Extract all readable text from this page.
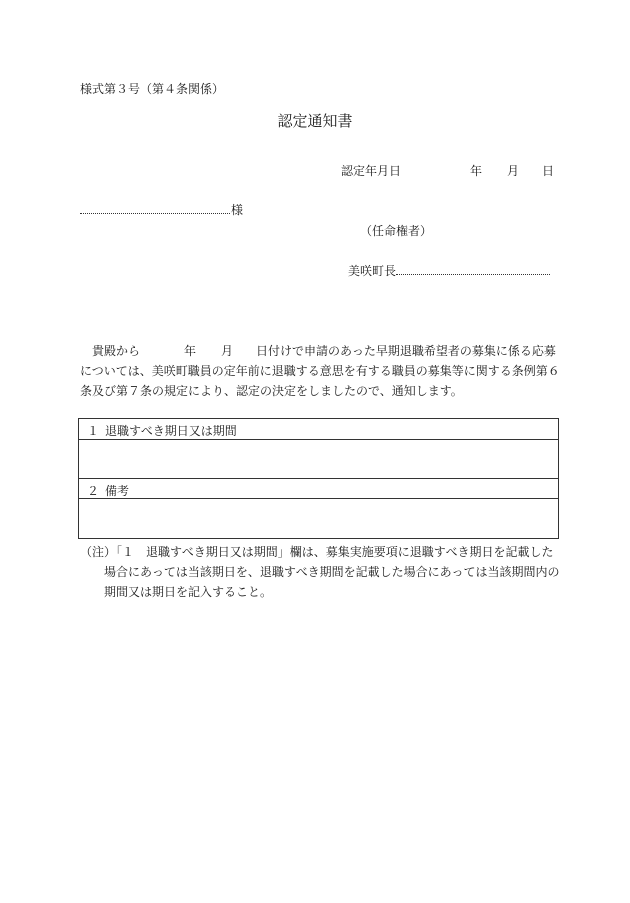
様式第３号（第４条関係）
認定通知書
認定年月日	年 月 日
様
（任命権者）
美咲町長
貴殿から	年 月 日付けで申請のあった早期退職希望者の募集に係る応募
については、美咲町職員の定年前に退職する意思を有する職員の募集等に関する条例第６
条及び第７条の規定により、認定の決定をしましたので、通知します。
１ 退職すべき期日又は期間
２ 備考
（注）「１　退職すべき期日又は期間」欄は、募集実施要項に退職すべき期日を記載した
場合にあっては当該期日を、退職すべき期間を記載した場合にあっては当該期間内の
期間又は期日を記入すること。
